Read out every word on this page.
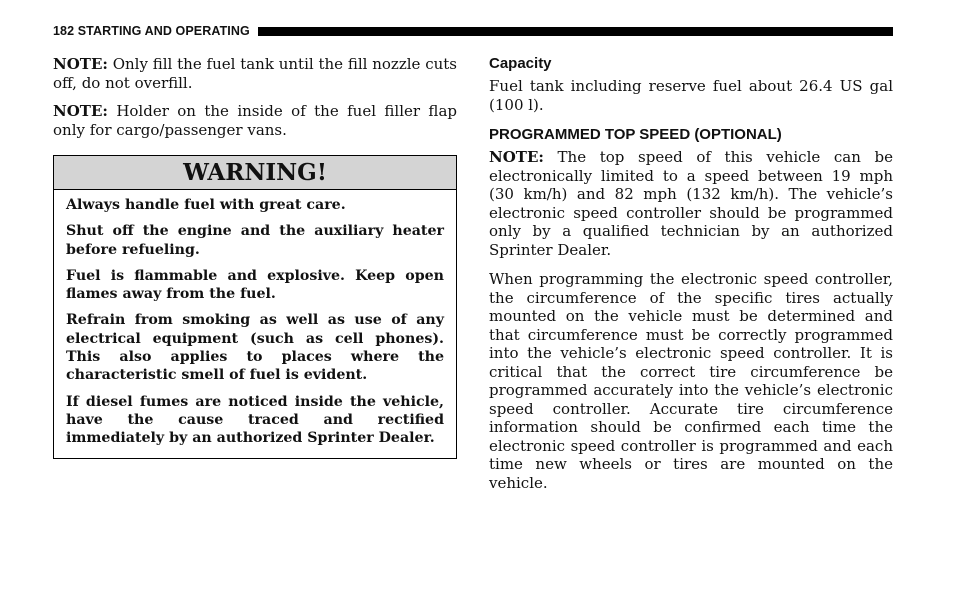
182 STARTING AND OPERATING

NOTE: Only fill the fuel tank until the fill nozzle cuts off, do not overfill.

NOTE: Holder on the inside of the fuel filler flap only for cargo/passenger vans.

WARNING!

Always handle fuel with great care.

Shut off the engine and the auxiliary heater before refueling.

Fuel is flammable and explosive. Keep open flames away from the fuel.

Refrain from smoking as well as use of any electrical equipment (such as cell phones). This also applies to places where the characteristic smell of fuel is evident.

If diesel fumes are noticed inside the vehicle, have the cause traced and rectified immediately by an authorized Sprinter Dealer.

Capacity

Fuel tank including reserve fuel about 26.4 US gal (100 l).

PROGRAMMED TOP SPEED (OPTIONAL)

NOTE: The top speed of this vehicle can be electronically limited to a speed between 19 mph (30 km/h) and 82 mph (132 km/h). The vehicle’s electronic speed controller should be programmed only by a qualified technician by an authorized Sprinter Dealer.

When programming the electronic speed controller, the circumference of the specific tires actually mounted on the vehicle must be determined and that circumference must be correctly programmed into the vehicle’s electronic speed controller. It is critical that the correct tire circumference be programmed accurately into the vehicle’s electronic speed controller. Accurate tire circumference information should be confirmed each time the electronic speed controller is programmed and each time new wheels or tires are mounted on the vehicle.
